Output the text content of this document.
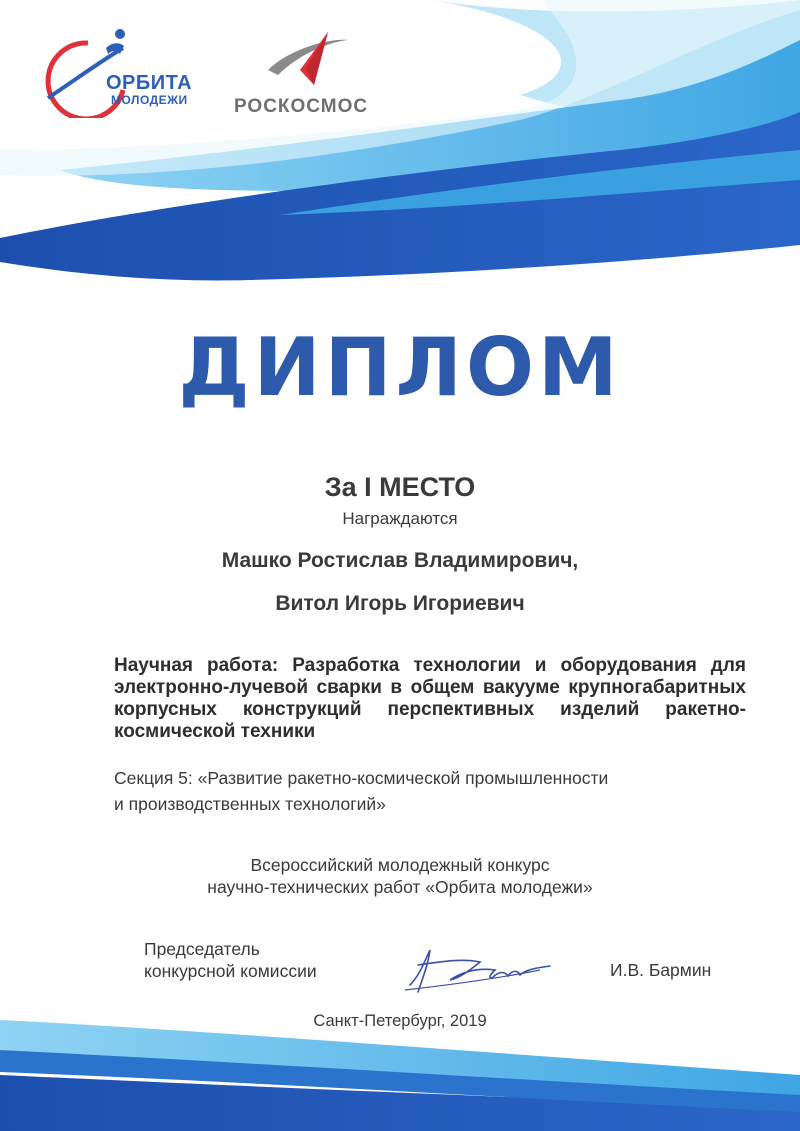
ОРБИТА
МОЛОДЕЖИ РОСКОСМОС
ДИПЛОМ
За I МЕСТО
Награждаются
Машко Ростислав Владимирович,
Витол Игорь Игориевич
Научная работа: Разработка технологии и оборудования для электронно-лучевой сварки в общем вакууме крупногабаритных корпусных конструкций перспективных изделий ракетно-космической техники
Секция 5: «Развитие ракетно-космической промышленности
и производственных технологий»
Всероссийский молодежный конкурс
научно-технических работ «Орбита молодежи»
Председатель
конкурсной комиссии	И.В. Бармин
Санкт-Петербург, 2019
